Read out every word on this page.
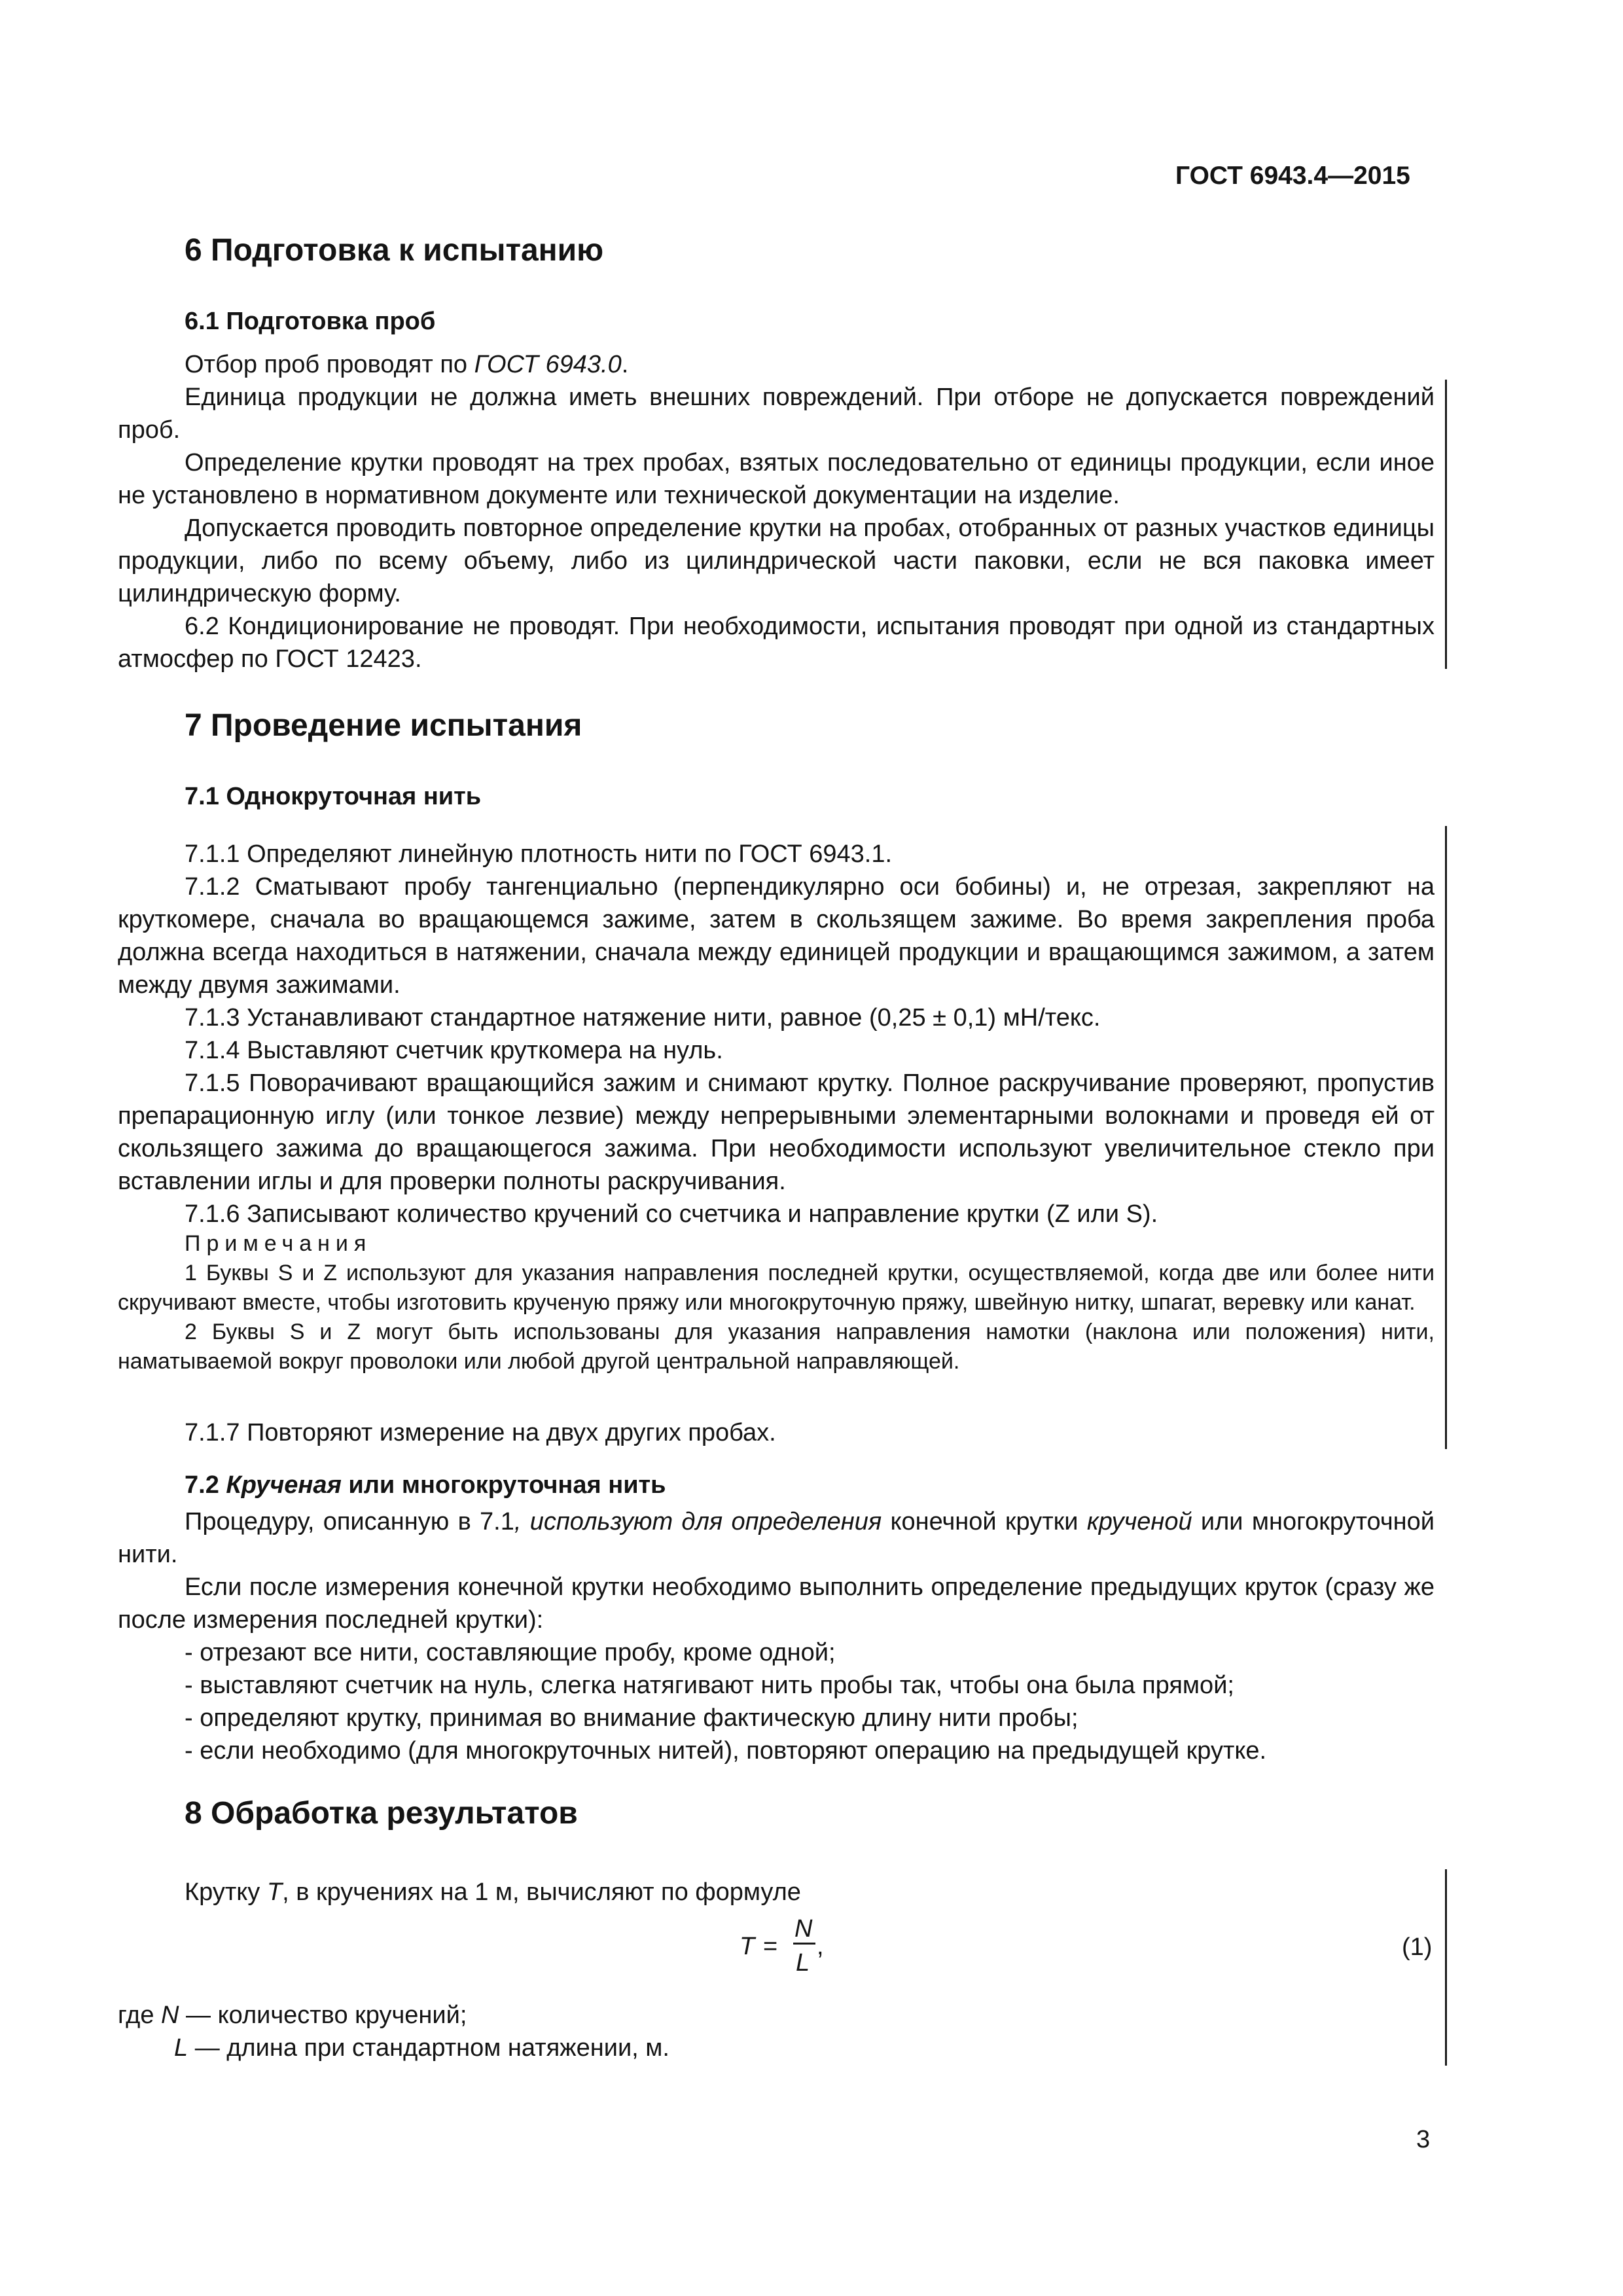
ГОСТ 6943.4—2015
6 Подготовка к испытанию
6.1 Подготовка проб

Отбор проб проводят по ГОСТ 6943.0.

Единица продукции не должна иметь внешних повреждений. При отборе не допускается повреждений проб.

Определение крутки проводят на трех пробах, взятых последовательно от единицы продукции, если иное не установлено в нормативном документе или технической документации на изделие.

Допускается проводить повторное определение крутки на пробах, отобранных от разных участков единицы продукции, либо по всему объему, либо из цилиндрической части паковки, если не вся паковка имеет цилиндрическую форму.

6.2 Кондиционирование не проводят. При необходимости, испытания проводят при одной из стандартных атмосфер по ГОСТ 12423.

7 Проведение испытания
7.1 Однокруточная нить

7.1.1 Определяют линейную плотность нити по ГОСТ 6943.1.

7.1.2 Сматывают пробу тангенциально (перпендикулярно оси бобины) и, не отрезая, закрепляют на круткомере, сначала во вращающемся зажиме, затем в скользящем зажиме. Во время закрепления проба должна всегда находиться в натяжении, сначала между единицей продукции и вращающимся зажимом, а затем между двумя зажимами.

7.1.3 Устанавливают стандартное натяжение нити, равное (0,25 ± 0,1) мН/текс.

7.1.4 Выставляют счетчик круткомера на нуль.

7.1.5 Поворачивают вращающийся зажим и снимают крутку. Полное раскручивание проверяют, пропустив препарационную иглу (или тонкое лезвие) между непрерывными элементарными волокнами и проведя ей от скользящего зажима до вращающегося зажима. При необходимости используют увеличительное стекло при вставлении иглы и для проверки полноты раскручивания.

7.1.6 Записывают количество кручений со счетчика и направление крутки (Z или S).

Примечания

1 Буквы S и Z используют для указания направления последней крутки, осуществляемой, когда две или более нити скручивают вместе, чтобы изготовить крученую пряжу или многокруточную пряжу, швейную нитку, шпагат, веревку или канат.

2 Буквы S и Z могут быть использованы для указания направления намотки (наклона или положения) нити, наматываемой вокруг проволоки или любой другой центральной направляющей.

7.1.7 Повторяют измерение на двух других пробах.

7.2 Крученая или многокруточная нить

Процедуру, описанную в 7.1, используют для определения конечной крутки крученой или многокруточной нити.

Если после измерения конечной крутки необходимо выполнить определение предыдущих круток (сразу же после измерения последней крутки):

- отрезают все нити, составляющие пробу, кроме одной;
- выставляют счетчик на нуль, слегка натягивают нить пробы так, чтобы она была прямой;
- определяют крутку, принимая во внимание фактическую длину нити пробы;
- если необходимо (для многокруточных нитей), повторяют операцию на предыдущей крутке.
8 Обработка результатов
Крутку T, в кручениях на 1 м, вычисляют по формуле
T =
N
L
,	(1)
где N — количество кручений;
L — длина при стандартном натяжении, м.
3
